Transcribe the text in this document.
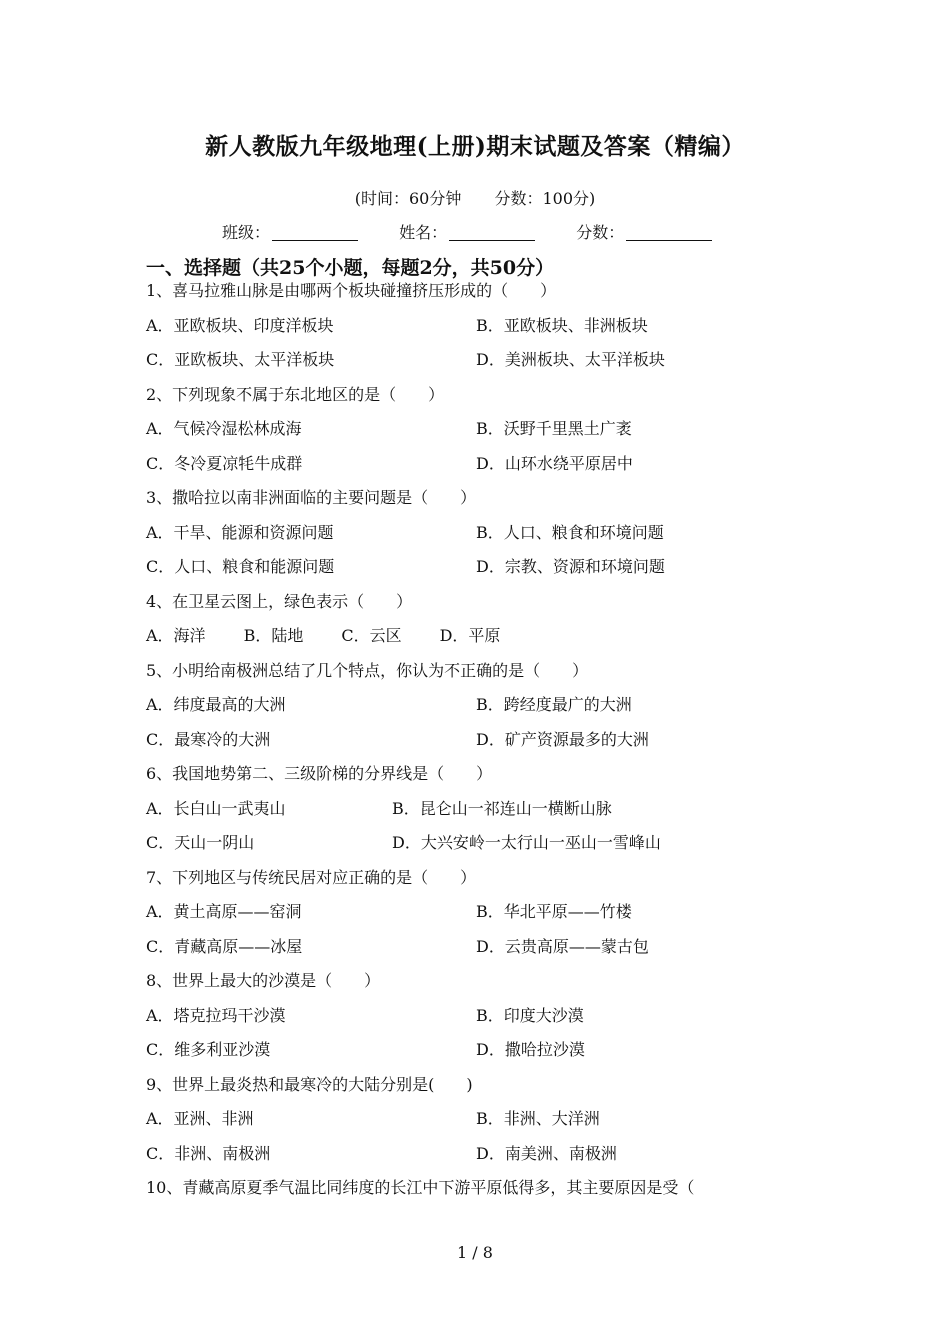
新人教版九年级地理(上册)期末试题及答案（精编）
(时间：60分钟 分数：100分)
班级：	姓名：	分数：
一、选择题（共25个小题，每题2分，共50分）
1、喜马拉雅山脉是由哪两个板块碰撞挤压形成的（　　）
A．亚欧板块、印度洋板块	B．亚欧板块、非洲板块
C．亚欧板块、太平洋板块	D．美洲板块、太平洋板块
2、下列现象不属于东北地区的是（　　）
A．气候冷湿松林成海	B．沃野千里黑土广袤
C．冬冷夏凉牦牛成群	D．山环水绕平原居中
3、撒哈拉以南非洲面临的主要问题是（　　）
A．干旱、能源和资源问题	B．人口、粮食和环境问题
C．人口、粮食和能源问题	D．宗教、资源和环境问题
4、在卫星云图上，绿色表示（　　）
A．海洋 B．陆地 C．云区 D．平原
5、小明给南极洲总结了几个特点，你认为不正确的是（　　）
A．纬度最高的大洲	B．跨经度最广的大洲
C．最寒冷的大洲	D．矿产资源最多的大洲
6、我国地势第二、三级阶梯的分界线是（　　）
A．长白山一武夷山	B．昆仑山一祁连山一横断山脉
C．天山一阴山	D．大兴安岭一太行山一巫山一雪峰山
7、下列地区与传统民居对应正确的是（　　）
A．黄土高原——窑洞	B．华北平原——竹楼
C．青藏高原——冰屋	D．云贵高原——蒙古包
8、世界上最大的沙漠是（　　）
A．塔克拉玛干沙漠	B．印度大沙漠
C．维多利亚沙漠	D．撒哈拉沙漠
9、世界上最炎热和最寒冷的大陆分别是(　　)
A．亚洲、非洲	B．非洲、大洋洲
C．非洲、南极洲	D．南美洲、南极洲
10、青藏高原夏季气温比同纬度的长江中下游平原低得多，其主要原因是受（
1 / 8
